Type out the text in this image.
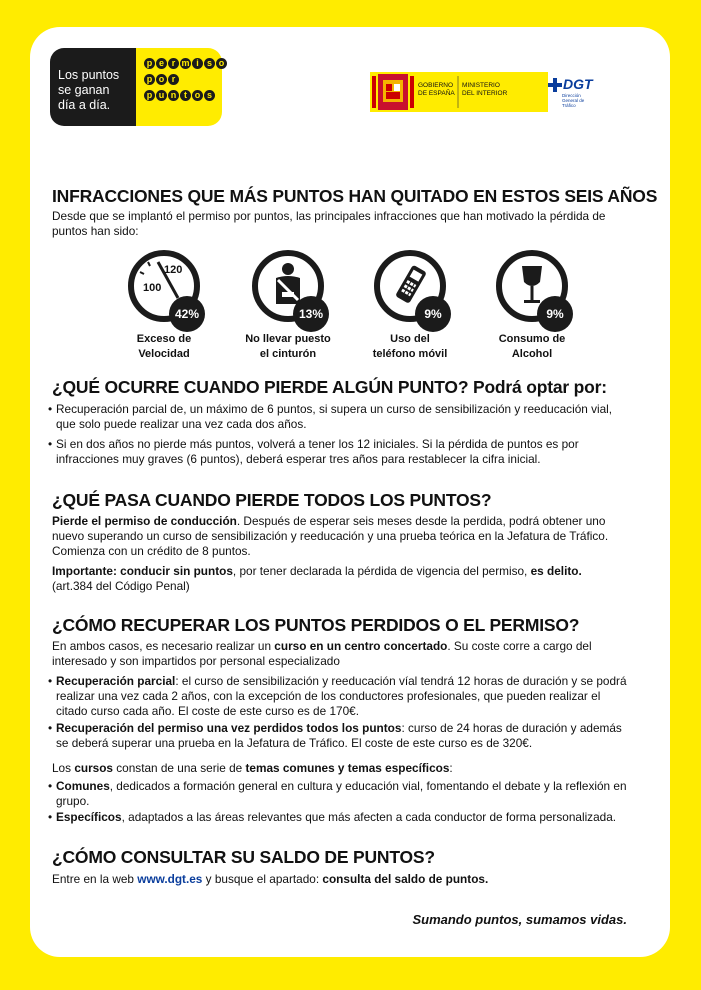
Los puntos
se ganan
día a día.
p e r m i s o
p o r
p u n t o s
GOBIERNO DE ESPAÑA
MINISTERIO DEL INTERIOR
DGT
Dirección General de Tráfico
INFRACCIONES QUE MÁS PUNTOS HAN QUITADO EN ESTOS SEIS AÑOS

Desde que se implantó el permiso por puntos, las principales infracciones que han motivado la pérdida de puntos han sido:

120
100
42%
Exceso de
Velocidad
13%
No llevar puesto
el cinturón
9%
Uso del
teléfono móvil
9%
Consumo de
Alcohol
¿QUÉ OCURRE CUANDO PIERDE ALGÚN PUNTO? Podrá optar por:
• Recuperación parcial de, un máximo de 6 puntos, si supera un curso de sensibilización y reeducación vial, que solo puede realizar una vez cada dos años.
• Si en dos años no pierde más puntos, volverá a tener los 12 iniciales. Si la pérdida de puntos es por infracciones muy graves (6 puntos), deberá esperar tres años para restablecer la cifra inicial.
¿QUÉ PASA CUANDO PIERDE TODOS LOS PUNTOS?

Pierde el permiso de conducción. Después de esperar seis meses desde la perdida, podrá obtener uno nuevo superando un curso de sensibilización y reeducación y una prueba teórica en la Jefatura de Tráfico. Comienza con un crédito de 8 puntos.

Importante: conducir sin puntos, por tener declarada la pérdida de vigencia del permiso, es delito.
(art.384 del Código Penal)

¿CÓMO RECUPERAR LOS PUNTOS PERDIDOS O EL PERMISO?

En ambos casos, es necesario realizar un curso en un centro concertado. Su coste corre a cargo del interesado y son impartidos por personal especializado

• Recuperación parcial: el curso de sensibilización y reeducación víal tendrá 12 horas de duración y se podrá realizar una vez cada 2 años, con la excepción de los conductores profesionales, que pueden realizar el citado curso cada año. El coste de este curso es de 170€.
• Recuperación del permiso una vez perdidos todos los puntos: curso de 24 horas de duración y además se deberá superar una prueba en la Jefatura de Tráfico. El coste de este curso es de 320€.

Los cursos constan de una serie de temas comunes y temas específicos:

• Comunes, dedicados a formación general en cultura y educación vial, fomentando el debate y la reflexión en grupo.
• Específicos, adaptados a las áreas relevantes que más afecten a cada conductor de forma personalizada.
¿CÓMO CONSULTAR SU SALDO DE PUNTOS?

Entre en la web www.dgt.es y busque el apartado: consulta del saldo de puntos.

Sumando puntos, sumamos vidas.
